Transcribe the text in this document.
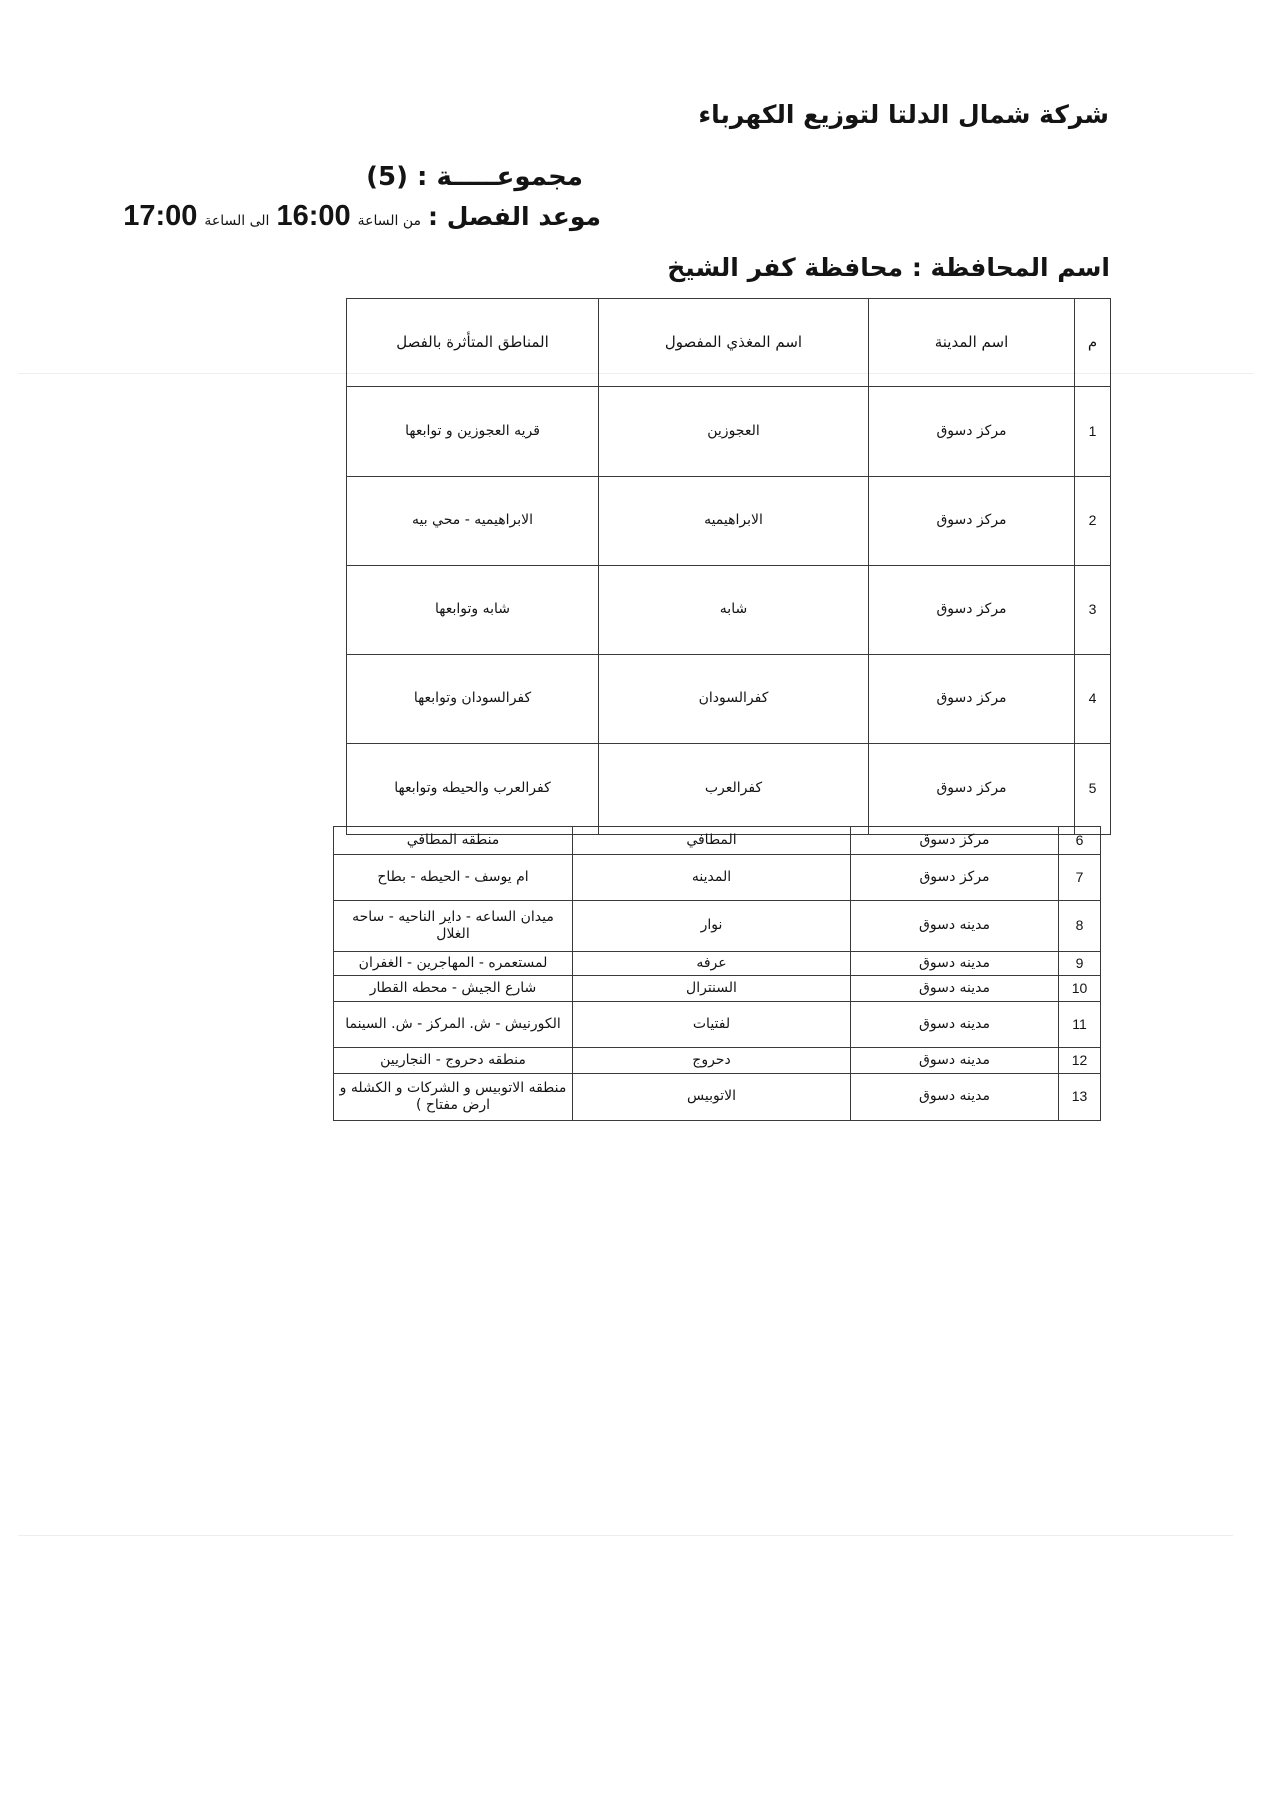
شركة شمال الدلتا لتوزيع الكهرباء
مجموعـــــة : (5)
موعد الفصل :
من الساعة
16:00
الى الساعة
17:00
اسم المحافظة : محافظة كفر الشيخ
م	اسم المدينة	اسم المغذي المفصول	المناطق المتأثرة بالفصل
1	مركز دسوق	العجوزين	قريه العجوزين و توابعها
2	مركز دسوق	الابراهيميه	الابراهيميه - محي بيه
3	مركز دسوق	شابه	شابه وتوابعها
4	مركز دسوق	كفرالسودان	كفرالسودان وتوابعها
5	مركز دسوق	كفرالعرب	كفرالعرب والحيطه وتوابعها
6	مركز دسوق	المطافي	منطقه المطافي
7	مركز دسوق	المدينه	ام يوسف - الحيطه - بطاح
8	مدينه دسوق	نوار	ميدان الساعه - داير الناحيه - ساحه الغلال
9	مدينه دسوق	عرفه	لمستعمره - المهاجرين - الغفران
10	مدينه دسوق	السنترال	شارع الجيش - محطه القطار
11	مدينه دسوق	لفتيات	الكورنيش - ش. المركز - ش. السينما
12	مدينه دسوق	دحروج	منطقه دحروج - النجاريين
13	مدينه دسوق	الاتوبيس	منطقه الاتوبيس و الشركات و الكشله و ارض مفتاح )
